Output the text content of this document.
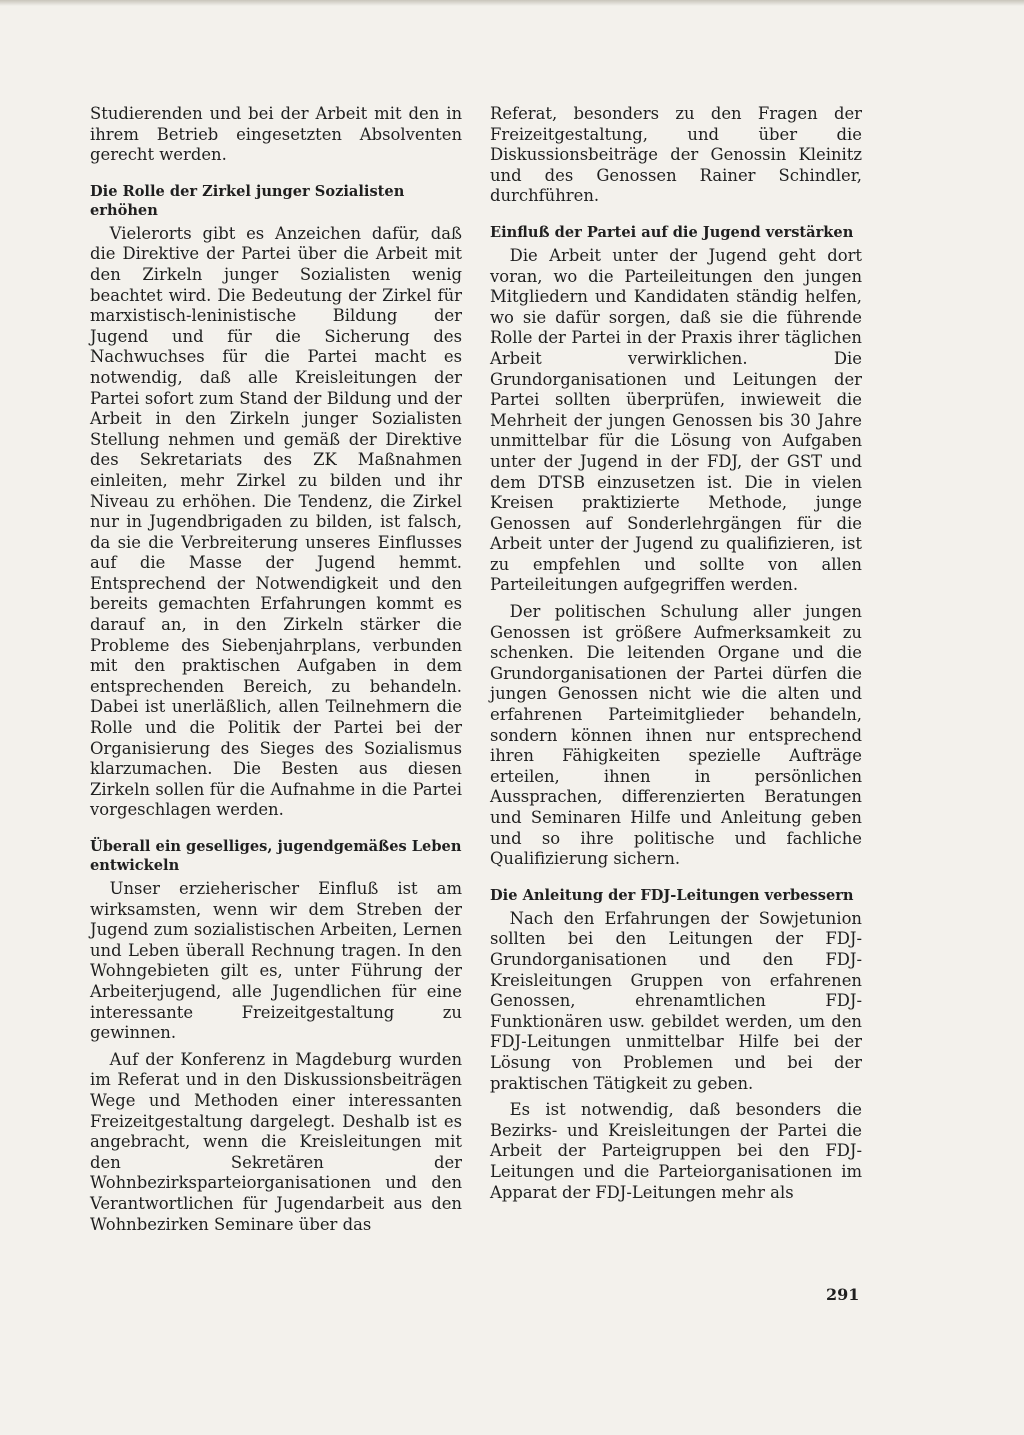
Studierenden und bei der Arbeit mit den in ihrem Betrieb eingesetzten Absolventen gerecht werden.

Die Rolle der Zirkel junger Sozialisten erhöhen

Vielerorts gibt es Anzeichen dafür, daß die Direktive der Partei über die Arbeit mit den Zirkeln junger Sozialisten wenig beachtet wird. Die Bedeutung der Zirkel für marxistisch-leninistische Bildung der Jugend und für die Sicherung des Nachwuchses für die Partei macht es notwendig, daß alle Kreisleitungen der Partei sofort zum Stand der Bildung und der Arbeit in den Zirkeln junger Sozialisten Stellung nehmen und gemäß der Direktive des Sekretariats des ZK Maßnahmen einleiten, mehr Zirkel zu bilden und ihr Niveau zu erhöhen. Die Tendenz, die Zirkel nur in Jugendbrigaden zu bilden, ist falsch, da sie die Verbreiterung unseres Einflusses auf die Masse der Jugend hemmt. Entsprechend der Notwendigkeit und den bereits gemachten Erfahrungen kommt es darauf an, in den Zirkeln stärker die Probleme des Siebenjahrplans, verbunden mit den praktischen Aufgaben in dem entsprechenden Bereich, zu behandeln. Dabei ist unerläßlich, allen Teilnehmern die Rolle und die Politik der Partei bei der Organisierung des Sieges des Sozialismus klarzumachen. Die Besten aus diesen Zirkeln sollen für die Aufnahme in die Partei vorgeschlagen werden.

Überall ein geselliges, jugendgemäßes Leben entwickeln

Unser erzieherischer Einfluß ist am wirksamsten, wenn wir dem Streben der Jugend zum sozialistischen Arbeiten, Lernen und Leben überall Rechnung tragen. In den Wohngebieten gilt es, unter Führung der Arbeiterjugend, alle Jugendlichen für eine interessante Freizeitgestaltung zu gewinnen.

Auf der Konferenz in Magdeburg wurden im Referat und in den Diskussionsbeiträgen Wege und Methoden einer interessanten Freizeitgestaltung dargelegt. Deshalb ist es angebracht, wenn die Kreisleitungen mit den Sekretären der Wohnbezirksparteiorganisationen und den Verantwortlichen für Jugendarbeit aus den Wohnbezirken Seminare über das

Referat, besonders zu den Fragen der Freizeitgestaltung, und über die Diskussionsbeiträge der Genossin Kleinitz und des Genossen Rainer Schindler, durchführen.

Einfluß der Partei auf die Jugend verstärken

Die Arbeit unter der Jugend geht dort voran, wo die Parteileitungen den jungen Mitgliedern und Kandidaten ständig helfen, wo sie dafür sorgen, daß sie die führende Rolle der Partei in der Praxis ihrer täglichen Arbeit verwirklichen. Die Grundorganisationen und Leitungen der Partei sollten überprüfen, inwieweit die Mehrheit der jungen Genossen bis 30 Jahre unmittelbar für die Lösung von Aufgaben unter der Jugend in der FDJ, der GST und dem DTSB einzusetzen ist. Die in vielen Kreisen praktizierte Methode, junge Genossen auf Sonderlehrgängen für die Arbeit unter der Jugend zu qualifizieren, ist zu empfehlen und sollte von allen Parteileitungen aufgegriffen werden.

Der politischen Schulung aller jungen Genossen ist größere Aufmerksamkeit zu schenken. Die leitenden Organe und die Grundorganisationen der Partei dürfen die jungen Genossen nicht wie die alten und erfahrenen Parteimitglieder behandeln, sondern können ihnen nur entsprechend ihren Fähigkeiten spezielle Aufträge erteilen, ihnen in persönlichen Aussprachen, differenzierten Beratungen und Seminaren Hilfe und Anleitung geben und so ihre politische und fachliche Qualifizierung sichern.

Die Anleitung der FDJ-Leitungen verbessern

Nach den Erfahrungen der Sowjetunion sollten bei den Leitungen der FDJ-Grundorganisationen und den FDJ-Kreisleitungen Gruppen von erfahrenen Genossen, ehrenamtlichen FDJ-Funktionären usw. gebildet werden, um den FDJ-Leitungen unmittelbar Hilfe bei der Lösung von Problemen und bei der praktischen Tätigkeit zu geben.

Es ist notwendig, daß besonders die Bezirks- und Kreisleitungen der Partei die Arbeit der Parteigruppen bei den FDJ-Leitungen und die Parteiorganisationen im Apparat der FDJ-Leitungen mehr als

291
